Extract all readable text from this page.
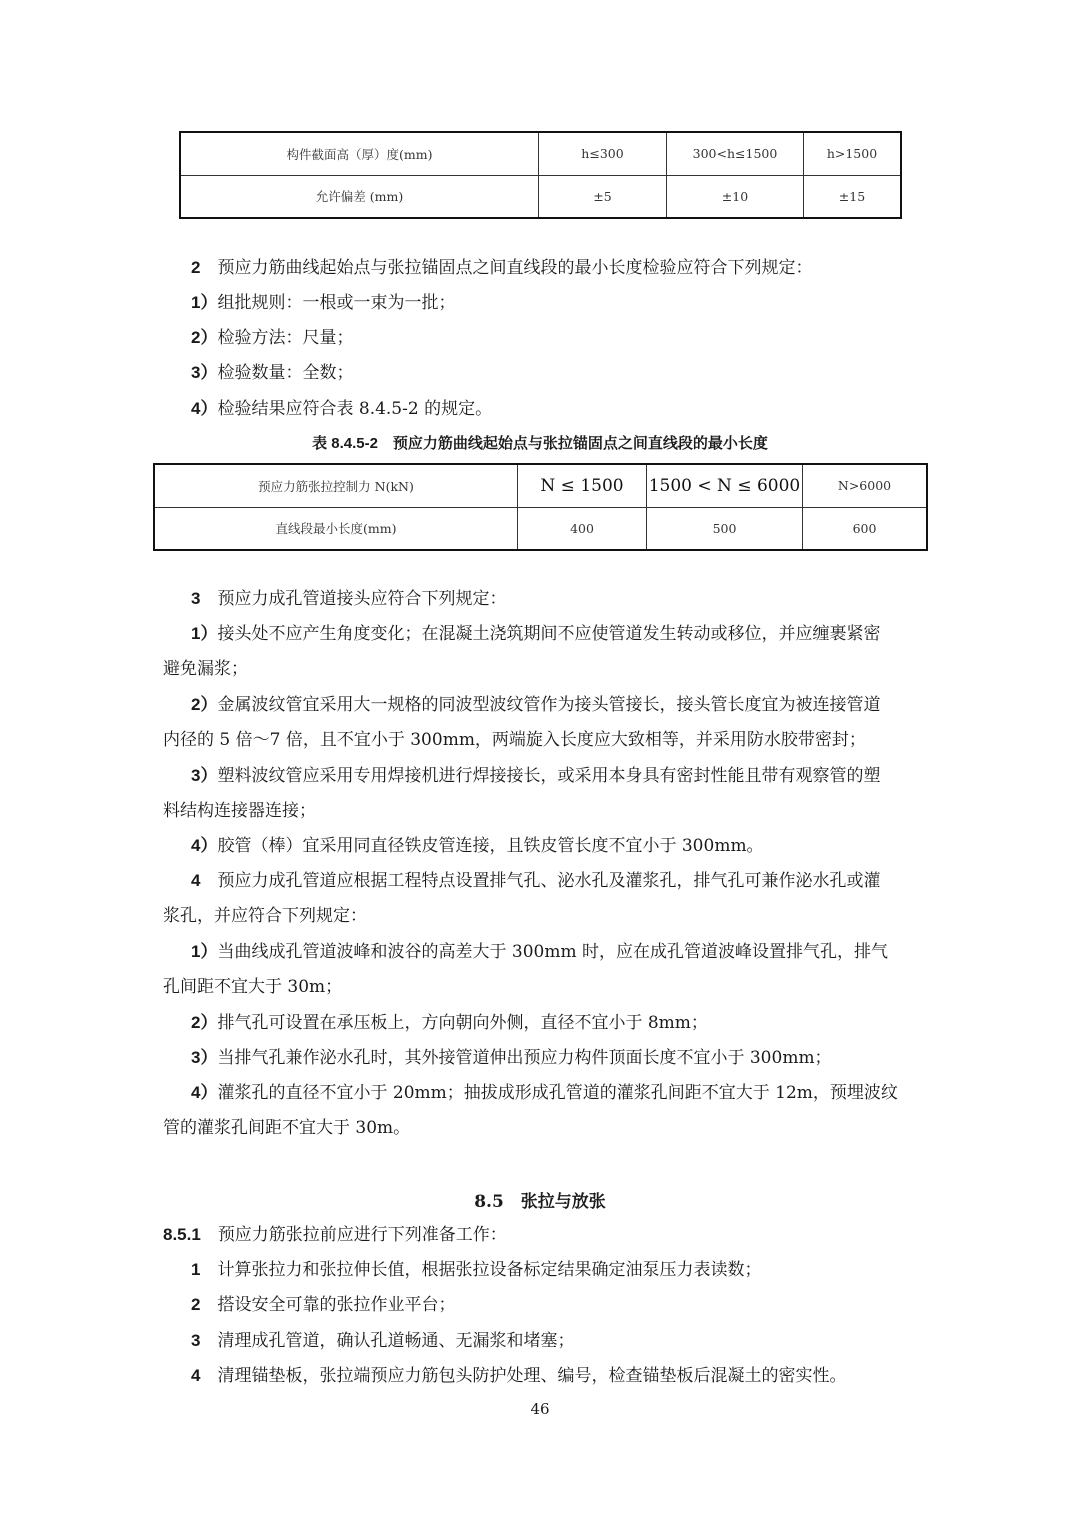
构件截面高（厚）度(mm)	h≤300	300<h≤1500	h>1500
允许偏差 (mm)	±5	±10	±15
2　 预应力筋曲线起始点与张拉锚固点之间直线段的最小长度检验应符合下列规定：
1）组批规则：一根或一束为一批；
2）检验方法：尺量；
3）检验数量：全数；
4）检验结果应符合表 8.4.5-2 的规定。
表 8.4.5-2　预应力筋曲线起始点与张拉锚固点之间直线段的最小长度
预应力筋张拉控制力 N(kN)	N ≤ 1500	1500 < N ≤ 6000	N>6000
直线段最小长度(mm)	400	500	600
3　 预应力成孔管道接头应符合下列规定：
1）接头处不应产生角度变化；在混凝土浇筑期间不应使管道发生转动或移位，并应缠裹紧密
避免漏浆；
2）金属波纹管宜采用大一规格的同波型波纹管作为接头管接长，接头管长度宜为被连接管道
内径的 5 倍～7 倍，且不宜小于 300mm，两端旋入长度应大致相等，并采用防水胶带密封；
3）塑料波纹管应采用专用焊接机进行焊接接长，或采用本身具有密封性能且带有观察管的塑
料结构连接器连接；
4）胶管（棒）宜采用同直径铁皮管连接，且铁皮管长度不宜小于 300mm。
4　 预应力成孔管道应根据工程特点设置排气孔、泌水孔及灌浆孔，排气孔可兼作泌水孔或灌
浆孔，并应符合下列规定：
1）当曲线成孔管道波峰和波谷的高差大于 300mm 时，应在成孔管道波峰设置排气孔，排气
孔间距不宜大于 30m；
2）排气孔可设置在承压板上，方向朝向外侧，直径不宜小于 8mm；
3）当排气孔兼作泌水孔时，其外接管道伸出预应力构件顶面长度不宜小于 300mm；
4）灌浆孔的直径不宜小于 20mm；抽拔成形成孔管道的灌浆孔间距不宜大于 12m，预埋波纹
管的灌浆孔间距不宜大于 30m。
8.5　 张拉与放张
8.5.1　 预应力筋张拉前应进行下列准备工作：
1　 计算张拉力和张拉伸长值，根据张拉设备标定结果确定油泵压力表读数；
2　 搭设安全可靠的张拉作业平台；
3　 清理成孔管道，确认孔道畅通、无漏浆和堵塞；
4　 清理锚垫板，张拉端预应力筋包头防护处理、编号，检查锚垫板后混凝土的密实性。
46
